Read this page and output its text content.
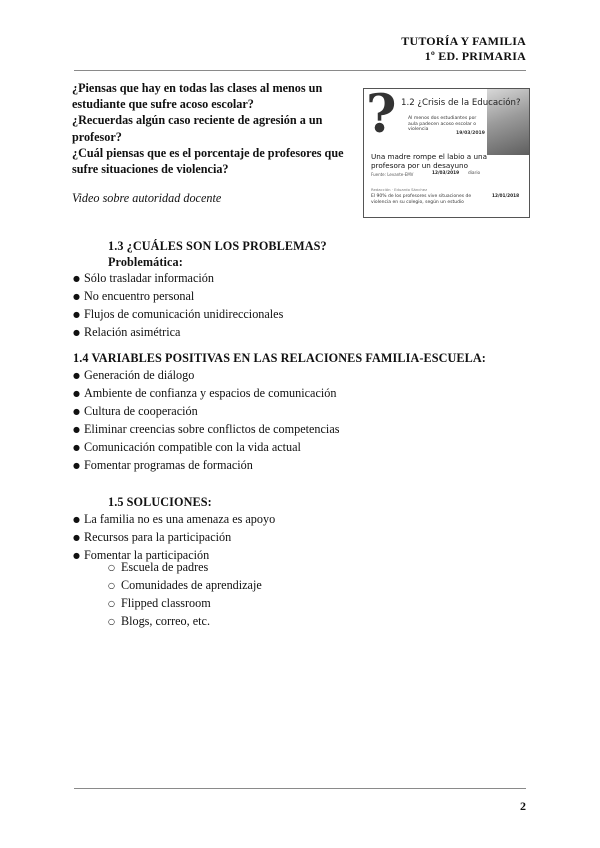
TUTORÍA Y FAMILIA
1º ED. PRIMARIA

¿Piensas que hay en todas las clases al menos un estudiante que sufre acoso escolar?

¿Recuerdas algún caso reciente de agresión a un profesor?

¿Cuál piensas que es el porcentaje de profesores que sufre situaciones de violencia?

Video sobre autoridad docente
? 1.2 ¿Crisis de la Educación?
Al menos dos estudiantes por aula padecen acoso escolar o violencia
19/03/2019
Una madre rompe el labio a una profesora por un desayuno
Fuente: Levante-EMV	12/03/2019 diario
Redacción · Eduardo Sánchez
El 90% de los profesores vive situaciones de violencia en su colegio, según un estudio
12/01/2018
1.3 ¿CUÁLES SON LOS PROBLEMAS?
Problemática:
● Sólo trasladar información
● No encuentro personal
● Flujos de comunicación unidireccionales
● Relación asimétrica
1.4 VARIABLES POSITIVAS EN LAS RELACIONES FAMILIA-ESCUELA:
● Generación de diálogo
● Ambiente de confianza y espacios de comunicación
● Cultura de cooperación
● Eliminar creencias sobre conflictos de competencias
● Comunicación compatible con la vida actual
● Fomentar programas de formación
1.5 SOLUCIONES:
● La familia no es una amenaza es apoyo
● Recursos para la participación
● Fomentar la participación
○ Escuela de padres
○ Comunidades de aprendizaje
○ Flipped classroom
○ Blogs, correo, etc.
2
